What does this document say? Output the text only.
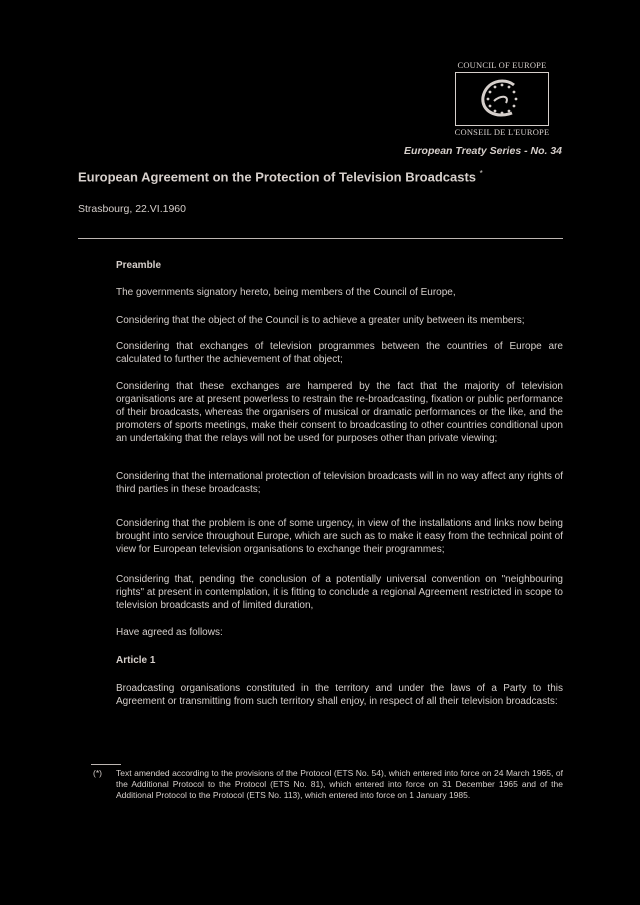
COUNCIL OF EUROPE
CONSEIL DE L'EUROPE
European Treaty Series - No. 34
European Agreement on the Protection of Television Broadcasts *
Strasbourg, 22.VI.1960
Preamble
The governments signatory hereto, being members of the Council of Europe,
Considering that the object of the Council is to achieve a greater unity between its members;
Considering that exchanges of television programmes between the countries of Europe are calculated to further the achievement of that object;
Considering that these exchanges are hampered by the fact that the majority of television organisations are at present powerless to restrain the re-broadcasting, fixation or public performance of their broadcasts, whereas the organisers of musical or dramatic performances or the like, and the promoters of sports meetings, make their consent to broadcasting to other countries conditional upon an undertaking that the relays will not be used for purposes other than private viewing;
Considering that the international protection of television broadcasts will in no way affect any rights of third parties in these broadcasts;
Considering that the problem is one of some urgency, in view of the installations and links now being brought into service throughout Europe, which are such as to make it easy from the technical point of view for European television organisations to exchange their programmes;
Considering that, pending the conclusion of a potentially universal convention on "neighbouring rights" at present in contemplation, it is fitting to conclude a regional Agreement restricted in scope to television broadcasts and of limited duration,
Have agreed as follows:
Article 1
Broadcasting organisations constituted in the territory and under the laws of a Party to this Agreement or transmitting from such territory shall enjoy, in respect of all their television broadcasts:
(*) Text amended according to the provisions of the Protocol (ETS No. 54), which entered into force on 24 March 1965, of the Additional Protocol to the Protocol (ETS No. 81), which entered into force on 31 December 1965 and of the Additional Protocol to the Protocol (ETS No. 113), which entered into force on 1 January 1985.
